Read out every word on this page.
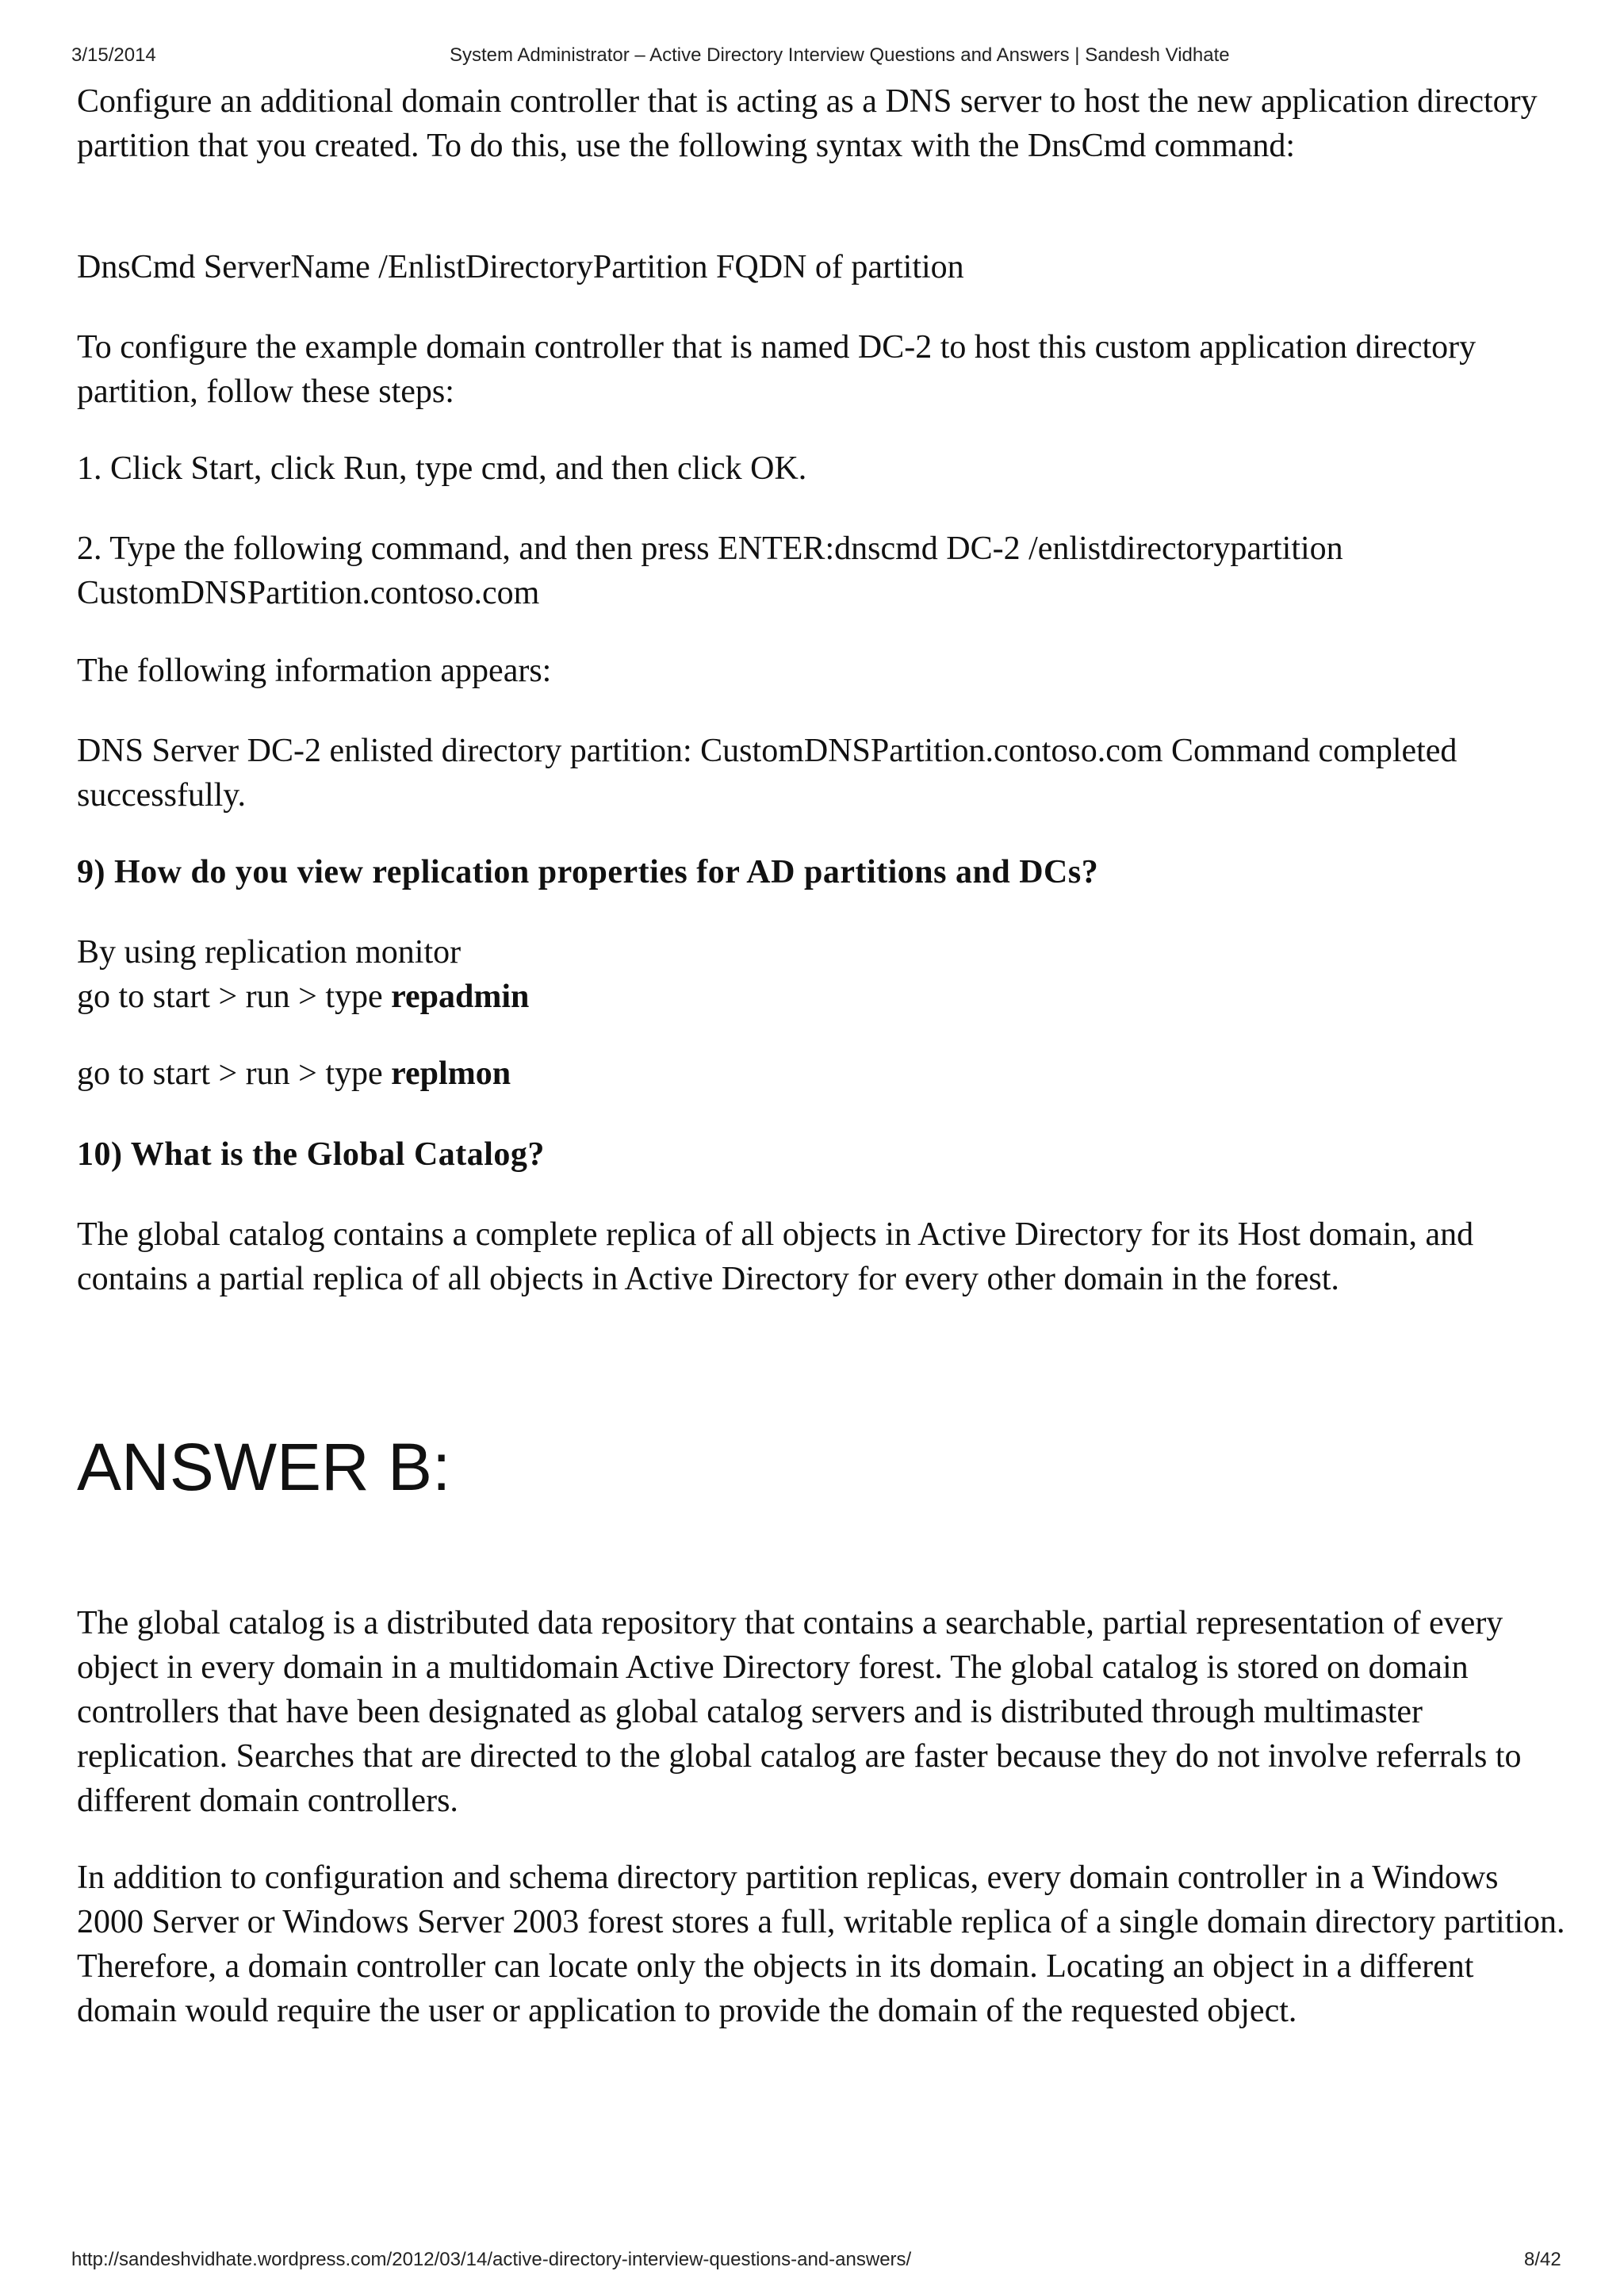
3/15/2014	System Administrator – Active Directory Interview Questions and Answers | Sandesh Vidhate

Configure an additional domain controller that is acting as a DNS server to host the new application directory partition that you created. To do this, use the following syntax with the DnsCmd command:

DnsCmd ServerName /EnlistDirectoryPartition FQDN of partition

To configure the example domain controller that is named DC-2 to host this custom application directory partition, follow these steps:

1. Click Start, click Run, type cmd, and then click OK.

2. Type the following command, and then press ENTER:dnscmd DC-2 /enlistdirectorypartition CustomDNSPartition.contoso.com

The following information appears:

DNS Server DC-2 enlisted directory partition: CustomDNSPartition.contoso.com Command completed successfully.

9) How do you view replication properties for AD partitions and DCs?

By using replication monitor
go to start > run > type repadmin

go to start > run > type replmon

10) What is the Global Catalog?

The global catalog contains a complete replica of all objects in Active Directory for its Host domain, and contains a partial replica of all objects in Active Directory for every other domain in the forest.

ANSWER B:

The global catalog is a distributed data repository that contains a searchable, partial representation of every object in every domain in a multidomain Active Directory forest. The global catalog is stored on domain controllers that have been designated as global catalog servers and is distributed through multimaster replication. Searches that are directed to the global catalog are faster because they do not involve referrals to different domain controllers.

In addition to configuration and schema directory partition replicas, every domain controller in a Windows 2000 Server or Windows Server 2003 forest stores a full, writable replica of a single domain directory partition. Therefore, a domain controller can locate only the objects in its domain. Locating an object in a different domain would require the user or application to provide the domain of the requested object.

http://sandeshvidhate.wordpress.com/2012/03/14/active-directory-interview-questions-and-answers/	8/42
